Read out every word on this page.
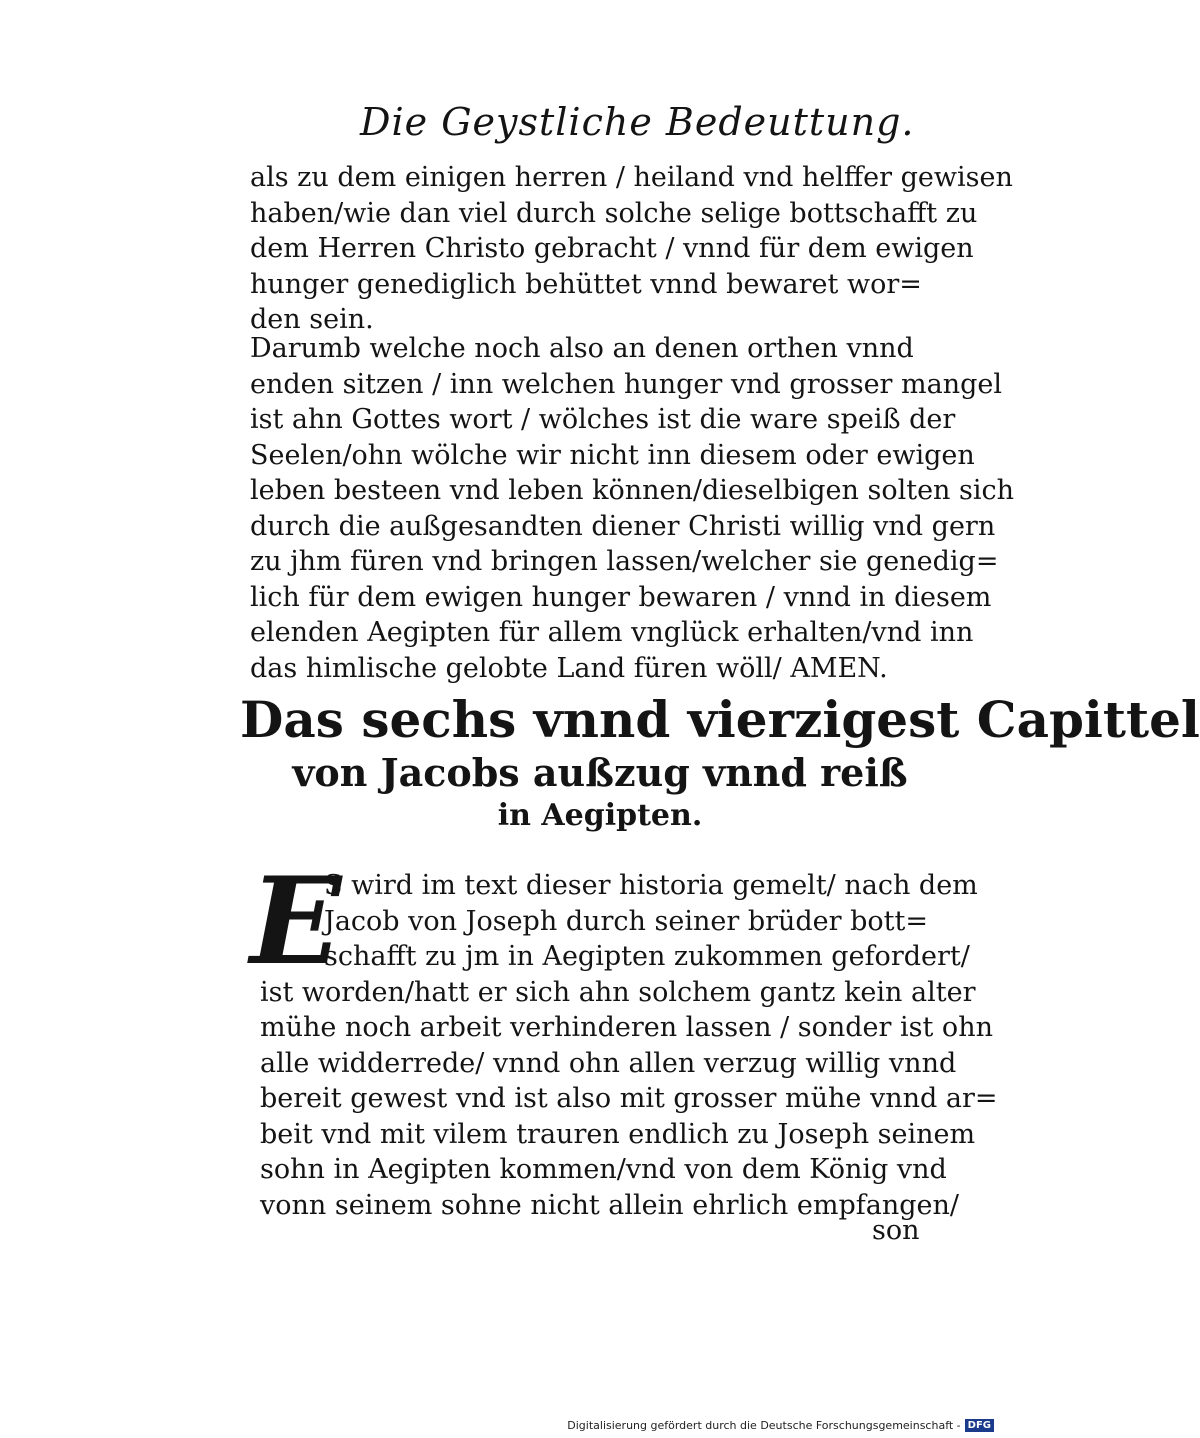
Die Geystliche Bedeuttung.
als zu dem einigen herren / heiland vnd helffer gewisen
haben/wie dan viel durch solche selige bottschafft zu
dem Herren Christo gebracht / vnnd für dem ewigen
hunger genediglich behüttet vnnd bewaret wor=
den sein.
Darumb welche noch also an denen orthen vnnd
enden sitzen / inn welchen hunger vnd grosser mangel
ist ahn Gottes wort / wölches ist die ware speiß der
Seelen/ohn wölche wir nicht inn diesem oder ewigen
leben besteen vnd leben können/dieselbigen solten sich
durch die außgesandten diener Christi willig vnd gern
zu jhm füren vnd bringen lassen/welcher sie genedig=
lich für dem ewigen hunger bewaren / vnnd in diesem
elenden Aegipten für allem vnglück erhalten/vnd inn
das himlische gelobte Land füren wöll/ AMEN.
Das sechs vnnd vierzigest Capittel
von Jacobs außzug vnnd reiß
in Aegipten.
E
S wird im text dieser historia gemelt/ nach dem
Jacob von Joseph durch seiner brüder bott=
schafft zu jm in Aegipten zukommen gefordert/
ist worden/hatt er sich ahn solchem gantz kein alter
mühe noch arbeit verhinderen lassen / sonder ist ohn
alle widderrede/ vnnd ohn allen verzug willig vnnd
bereit gewest vnd ist also mit grosser mühe vnnd ar=
beit vnd mit vilem trauren endlich zu Joseph seinem
sohn in Aegipten kommen/vnd von dem König vnd
vonn seinem sohne nicht allein ehrlich empfangen/
son
Digitalisierung gefördert durch die Deutsche Forschungsgemeinschaft - DFG
